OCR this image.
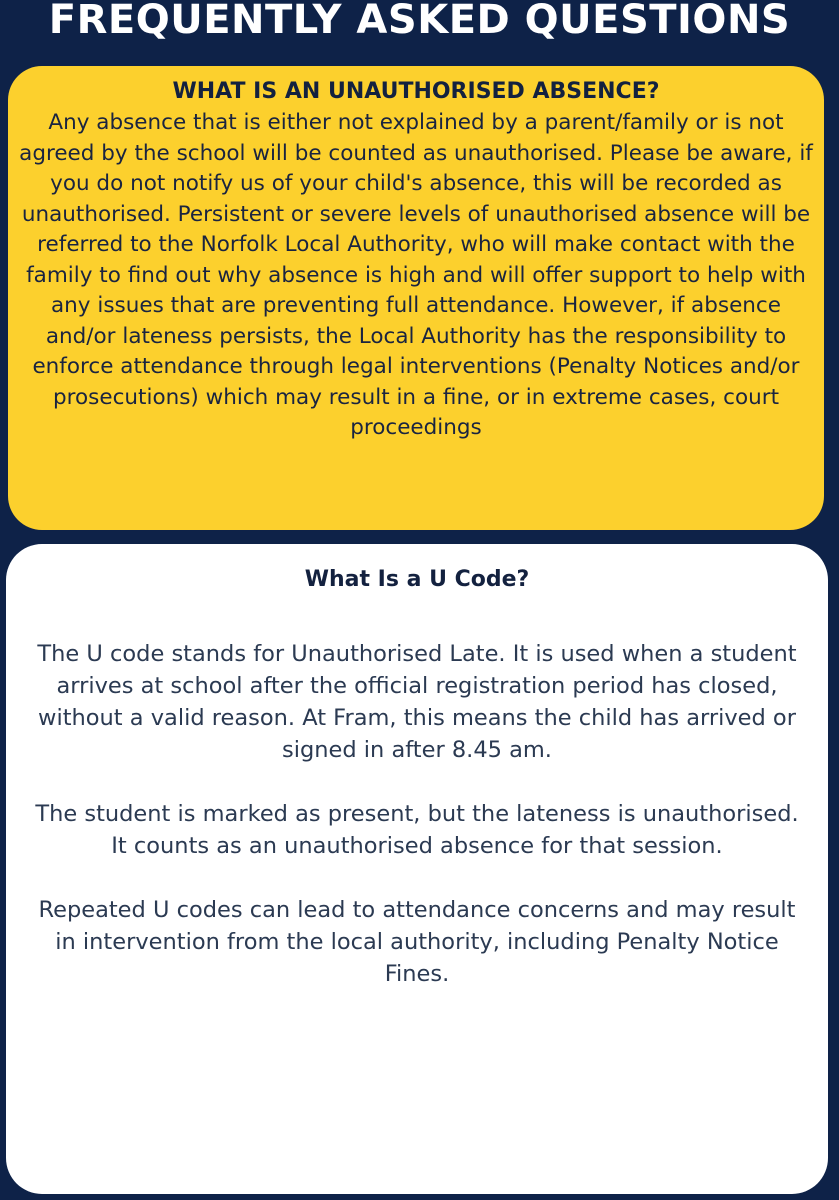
FREQUENTLY ASKED QUESTIONS
WHAT IS AN UNAUTHORISED ABSENCE?

Any absence that is either not explained by a parent/family or is not agreed by the school will be counted as unauthorised. Please be aware, if you do not notify us of your child's absence, this will be recorded as unauthorised. Persistent or severe levels of unauthorised absence will be referred to the Norfolk Local Authority, who will make contact with the family to find out why absence is high and will offer support to help with any issues that are preventing full attendance. However, if absence and/or lateness persists, the Local Authority has the responsibility to enforce attendance through legal interventions (Penalty Notices and/or prosecutions) which may result in a fine, or in extreme cases, court proceedings

What Is a U Code?

The U code stands for Unauthorised Late. It is used when a student arrives at school after the official registration period has closed, without a valid reason. At Fram, this means the child has arrived or signed in after 8.45 am.

The student is marked as present, but the lateness is unauthorised.

It counts as an unauthorised absence for that session.

Repeated U codes can lead to attendance concerns and may result in intervention from the local authority, including Penalty Notice Fines.
